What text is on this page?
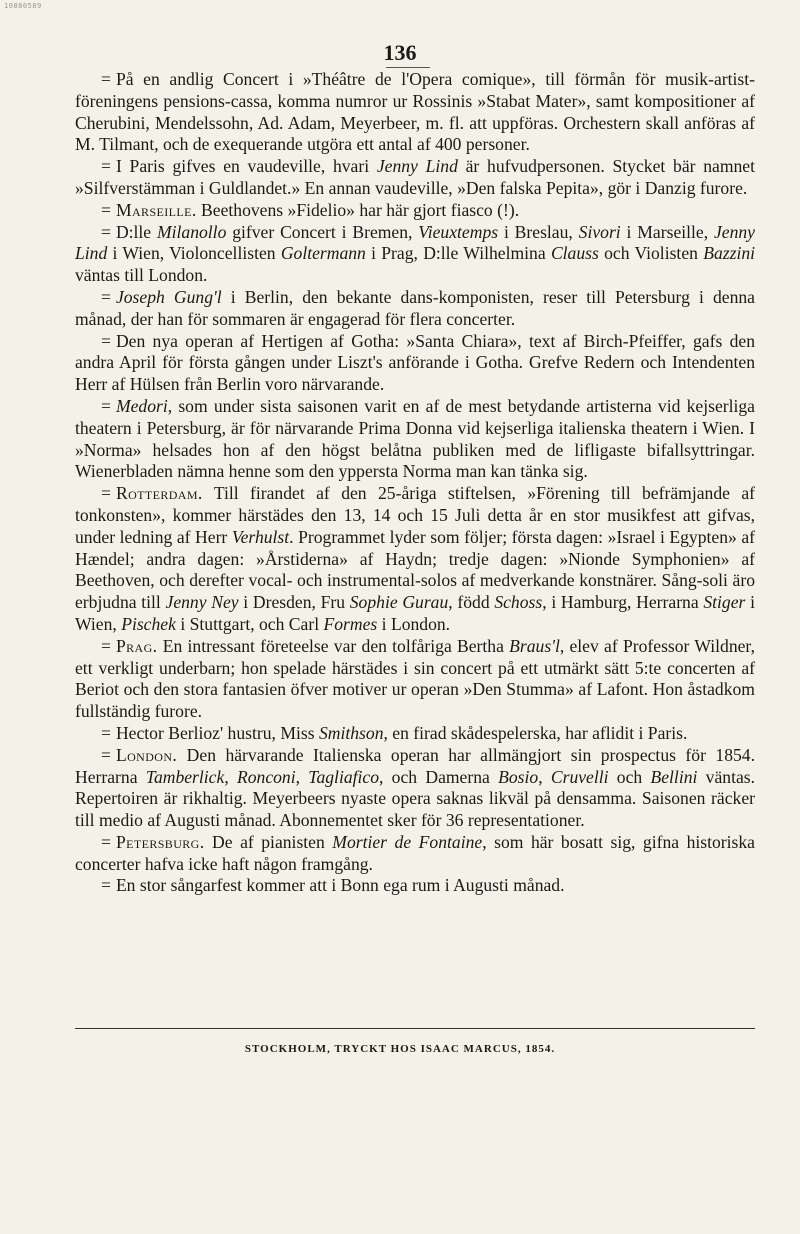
10880589
136

= På en andlig Concert i »Théâtre de l'Opera comique», till förmån för musik-artist-föreningens pensions-cassa, komma numror ur Rossinis »Stabat Mater», samt kompositioner af Cherubini, Mendelssohn, Ad. Adam, Meyerbeer, m. fl. att uppföras. Orchestern skall anföras af M. Tilmant, och de exequerande utgöra ett antal af 400 personer.

= I Paris gifves en vaudeville, hvari Jenny Lind är hufvudpersonen. Stycket bär namnet »Silfverstämman i Guldlandet.» En annan vaudeville, »Den falska Pepita», gör i Danzig furore.

= Marseille. Beethovens »Fidelio» har här gjort fiasco (!).

= D:lle Milanollo gifver Concert i Bremen, Vieuxtemps i Breslau, Sivori i Marseille, Jenny Lind i Wien, Violoncellisten Goltermann i Prag, D:lle Wilhelmina Clauss och Violisten Bazzini väntas till London.

= Joseph Gung'l i Berlin, den bekante dans-komponisten, reser till Petersburg i denna månad, der han för sommaren är engagerad för flera concerter.

= Den nya operan af Hertigen af Gotha: »Santa Chiara», text af Birch-Pfeiffer, gafs den andra April för första gången under Liszt's anförande i Gotha. Grefve Redern och Intendenten Herr af Hülsen från Berlin voro närvarande.

= Medori, som under sista saisonen varit en af de mest betydande artisterna vid kejserliga theatern i Petersburg, är för närvarande Prima Donna vid kejserliga italienska theatern i Wien. I »Norma» helsades hon af den högst belåtna publiken med de lifligaste bifallsyttringar. Wienerbladen nämna henne som den yppersta Norma man kan tänka sig.

= Rotterdam. Till firandet af den 25-åriga stiftelsen, »Förening till befrämjande af tonkonsten», kommer härstädes den 13, 14 och 15 Juli detta år en stor musikfest att gifvas, under ledning af Herr Verhulst. Programmet lyder som följer; första dagen: »Israel i Egypten» af Hændel; andra dagen: »Årstiderna» af Haydn; tredje dagen: »Nionde Symphonien» af Beethoven, och derefter vocal- och instrumental-solos af medverkande konstnärer. Sång-soli äro erbjudna till Jenny Ney i Dresden, Fru Sophie Gurau, född Schoss, i Hamburg, Herrarna Stiger i Wien, Pischek i Stuttgart, och Carl Formes i London.

= Prag. En intressant företeelse var den tolfåriga Bertha Braus'l, elev af Professor Wildner, ett verkligt underbarn; hon spelade härstädes i sin concert på ett utmärkt sätt 5:te concerten af Beriot och den stora fantasien öfver motiver ur operan »Den Stumma» af Lafont. Hon åstadkom fullständig furore.

= Hector Berlioz' hustru, Miss Smithson, en firad skådespelerska, har aflidit i Paris.

= London. Den härvarande Italienska operan har allmängjort sin prospectus för 1854. Herrarna Tamberlick, Ronconi, Tagliafico, och Damerna Bosio, Cruvelli och Bellini väntas. Repertoiren är rikhaltig. Meyerbeers nyaste opera saknas likväl på densamma. Saisonen räcker till medio af Augusti månad. Abonnementet sker för 36 representationer.

= Petersburg. De af pianisten Mortier de Fontaine, som här bosatt sig, gifna historiska concerter hafva icke haft någon framgång.

= En stor sångarfest kommer att i Bonn ega rum i Augusti månad.

STOCKHOLM, TRYCKT HOS ISAAC MARCUS, 1854.
